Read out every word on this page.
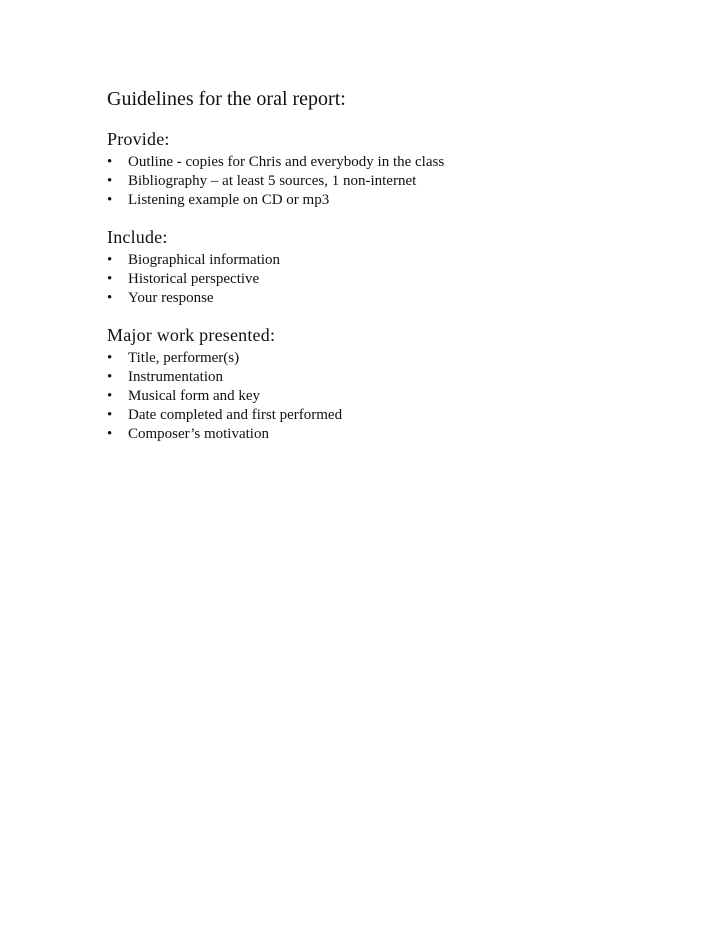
Guidelines for the oral report:
Provide:
•	Outline - copies for Chris and everybody in the class
•	Bibliography – at least 5 sources, 1 non-internet
•	Listening example on CD or mp3
Include:
•	Biographical information
•	Historical perspective
•	Your response
Major work presented:
•	Title, performer(s)
•	Instrumentation
•	Musical form and key
•	Date completed and first performed
•	Composer’s motivation
